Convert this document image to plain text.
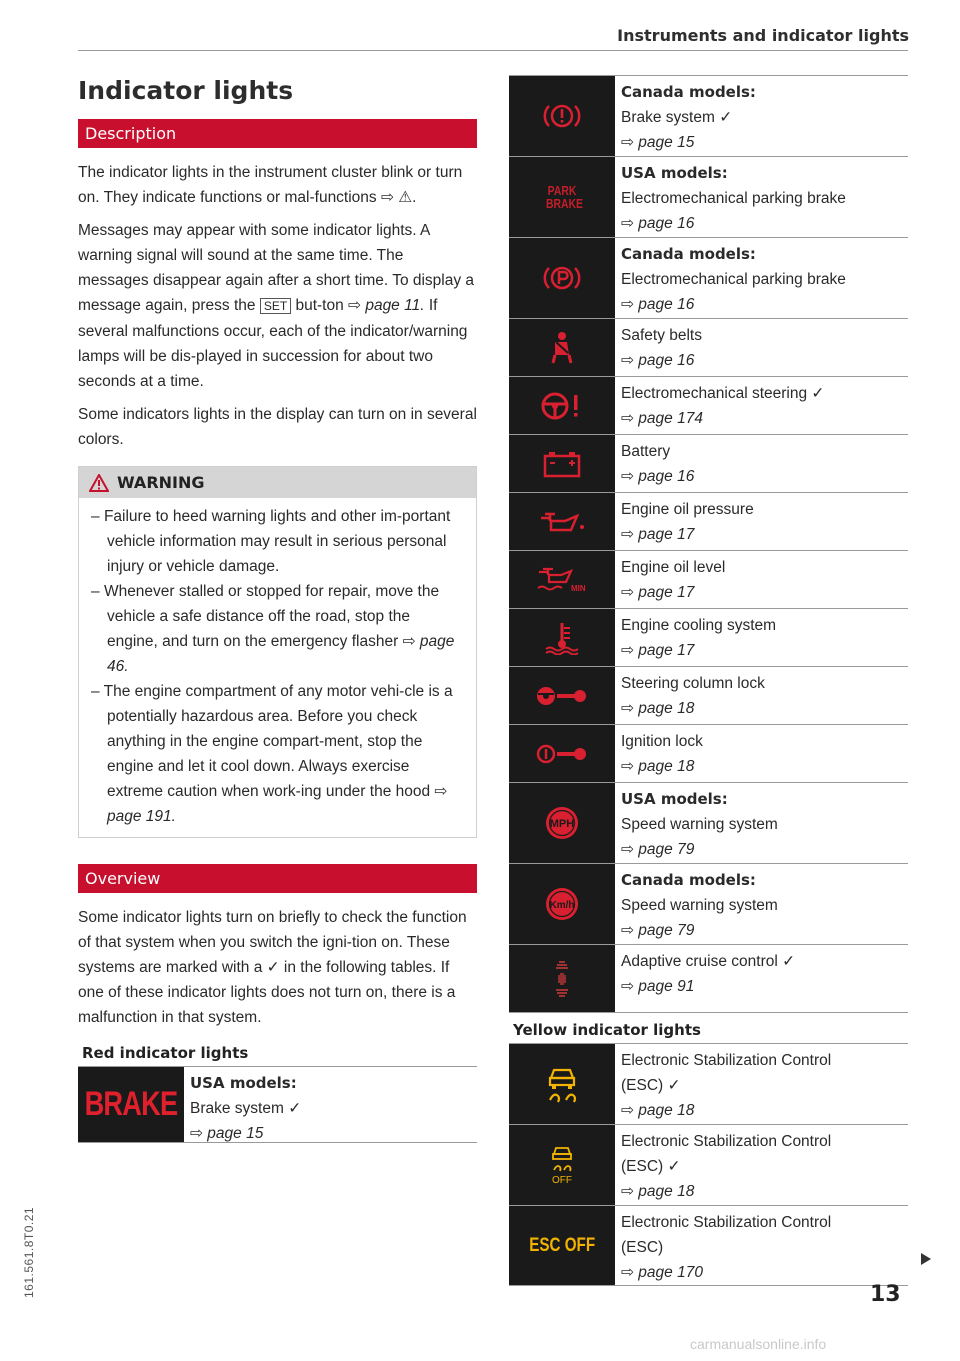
Instruments and indicator lights
161.561.8T0.21
Indicator lights
Description

The indicator lights in the instrument cluster blink or turn on. They indicate functions or mal-functions ⇨ ⚠.

Messages may appear with some indicator lights. A warning signal will sound at the same time. The messages disappear again after a short time. To display a message again, press the SET but-ton ⇨ page 11. If several malfunctions occur, each of the indicator/warning lamps will be dis-played in succession for about two seconds at a time.

Some indicators lights in the display can turn on in several colors.

WARNING
– Failure to heed warning lights and other im-portant vehicle information may result in serious personal injury or vehicle damage.
– Whenever stalled or stopped for repair, move the vehicle a safe distance off the road, stop the engine, and turn on the emergency flasher ⇨ page 46.
– The engine compartment of any motor vehi-cle is a potentially hazardous area. Before you check anything in the engine compart-ment, stop the engine and let it cool down. Always exercise extreme caution when work-ing under the hood ⇨ page 191.
Overview

Some indicator lights turn on briefly to check the function of that system when you switch the igni-tion on. These systems are marked with a ✓ in the following tables. If one of these indicator lights does not turn on, there is a malfunction in that system.

Red indicator lights
BRAKE
USA models:
Brake system ✓
⇨ page 15
Canada models:
Brake system ✓
⇨ page 15
PARK BRAKE
USA models:
Electromechanical parking brake
⇨ page 16
Canada models:
Electromechanical parking brake
⇨ page 16
Safety belts
⇨ page 16
Electromechanical steering ✓
⇨ page 174
Battery
⇨ page 16
Engine oil pressure
⇨ page 17
MIN
Engine oil level
⇨ page 17
Engine cooling system
⇨ page 17
Steering column lock
⇨ page 18
Ignition lock
⇨ page 18
MPH
USA models:
Speed warning system
⇨ page 79
Km/h
Canada models:
Speed warning system
⇨ page 79
Adaptive cruise control ✓
⇨ page 91
Yellow indicator lights
Electronic Stabilization Control
(ESC) ✓
⇨ page 18
OFF
Electronic Stabilization Control
(ESC) ✓
⇨ page 18
ESC OFF
Electronic Stabilization Control
(ESC)
⇨ page 170
13
carmanualsonline.info
